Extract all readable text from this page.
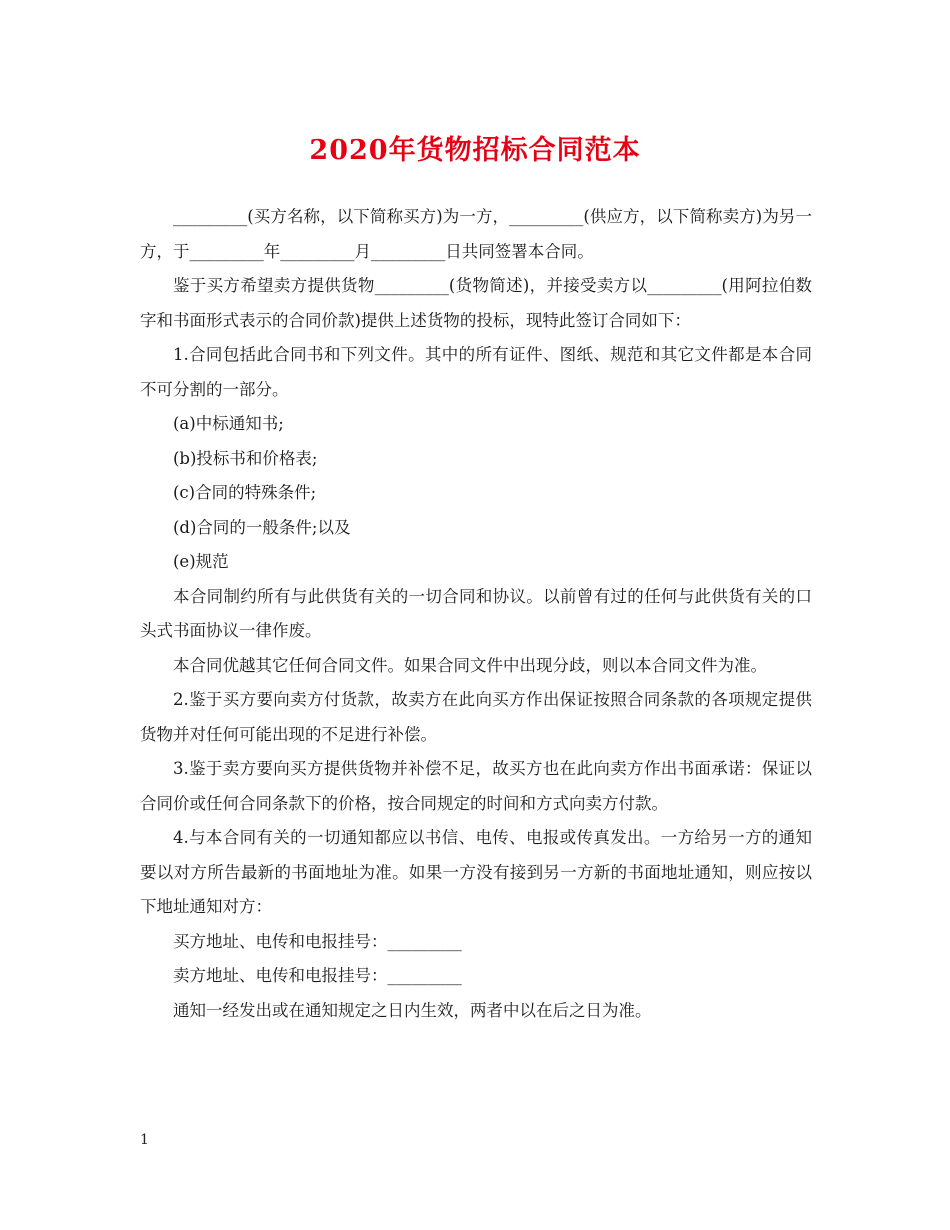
2020年货物招标合同范本

_________(买方名称，以下简称买方)为一方，_________(供应方，以下简称卖方)为另一方，于_________年_________月_________日共同签署本合同。

鉴于买方希望卖方提供货物_________(货物简述)，并接受卖方以_________(用阿拉伯数字和书面形式表示的合同价款)提供上述货物的投标，现特此签订合同如下：

1.合同包括此合同书和下列文件。其中的所有证件、图纸、规范和其它文件都是本合同不可分割的一部分。

(a)中标通知书;

(b)投标书和价格表;

(c)合同的特殊条件;

(d)合同的一般条件;以及

(e)规范

本合同制约所有与此供货有关的一切合同和协议。以前曾有过的任何与此供货有关的口头式书面协议一律作废。

本合同优越其它任何合同文件。如果合同文件中出现分歧，则以本合同文件为准。

2.鉴于买方要向卖方付货款，故卖方在此向买方作出保证按照合同条款的各项规定提供货物并对任何可能出现的不足进行补偿。

3.鉴于卖方要向买方提供货物并补偿不足，故买方也在此向卖方作出书面承诺：保证以合同价或任何合同条款下的价格，按合同规定的时间和方式向卖方付款。

4.与本合同有关的一切通知都应以书信、电传、电报或传真发出。一方给另一方的通知要以对方所告最新的书面地址为准。如果一方没有接到另一方新的书面地址通知，则应按以下地址通知对方：

买方地址、电传和电报挂号：_________

卖方地址、电传和电报挂号：_________

通知一经发出或在通知规定之日内生效，两者中以在后之日为准。

1
